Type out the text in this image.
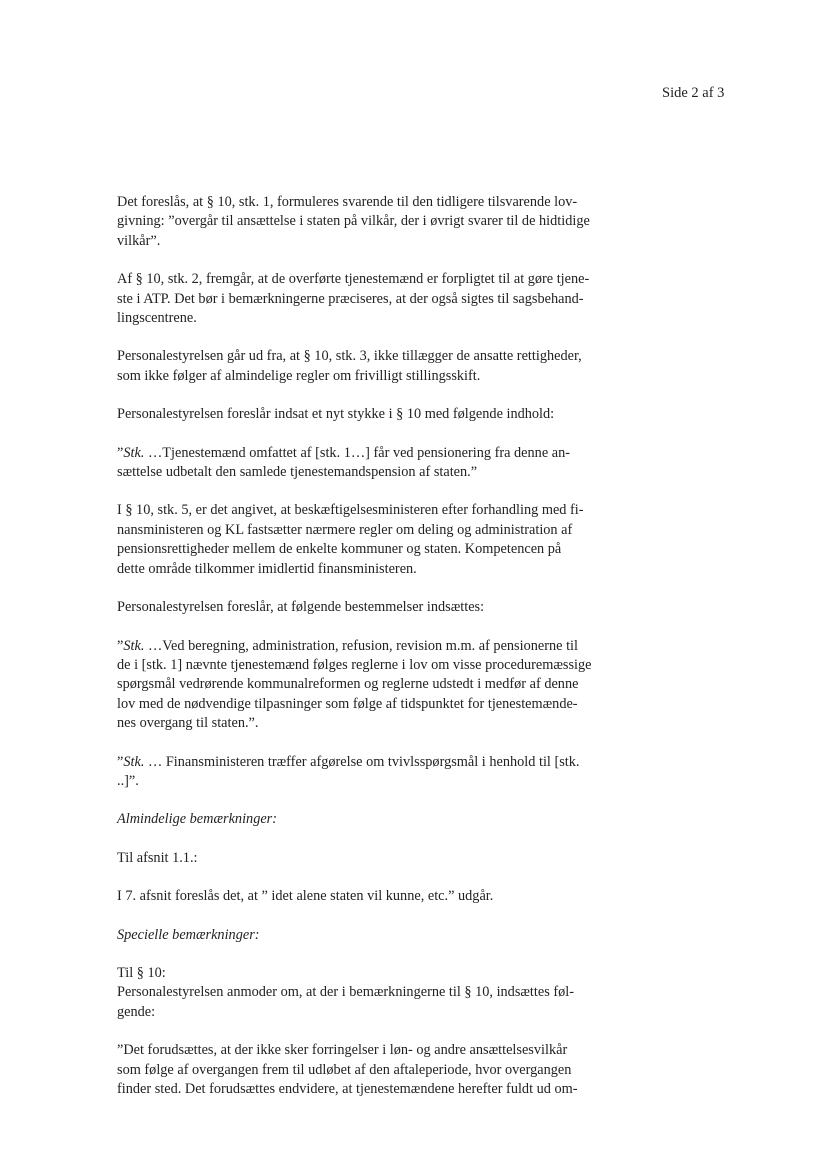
Side 2 af 3

Det foreslås, at § 10, stk. 1, formuleres svarende til den tidligere tilsvarende lov-
givning: ”overgår til ansættelse i staten på vilkår, der i øvrigt svarer til de hidtidige
vilkår”.

Af § 10, stk. 2, fremgår, at de overførte tjenestemænd er forpligtet til at gøre tjene-
ste i ATP. Det bør i bemærkningerne præciseres, at der også sigtes til sagsbehand-
lingscentrene.

Personalestyrelsen går ud fra, at § 10, stk. 3, ikke tillægger de ansatte rettigheder,
som ikke følger af almindelige regler om frivilligt stillingsskift.

Personalestyrelsen foreslår indsat et nyt stykke i § 10 med følgende indhold:

”Stk. …Tjenestemænd omfattet af [stk. 1…] får ved pensionering fra denne an-
sættelse udbetalt den samlede tjenestemandspension af staten.”

I § 10, stk. 5, er det angivet, at beskæftigelsesministeren efter forhandling med fi-
nansministeren og KL fastsætter nærmere regler om deling og administration af
pensionsrettigheder mellem de enkelte kommuner og staten. Kompetencen på
dette område tilkommer imidlertid finansministeren.

Personalestyrelsen foreslår, at følgende bestemmelser indsættes:

”Stk. …Ved beregning, administration, refusion, revision m.m. af pensionerne til
de i [stk. 1] nævnte tjenestemænd følges reglerne i lov om visse proceduremæssige
spørgsmål vedrørende kommunalreformen og reglerne udstedt i medfør af denne
lov med de nødvendige tilpasninger som følge af tidspunktet for tjenestemænde-
nes overgang til staten.”.

”Stk. … Finansministeren træffer afgørelse om tvivlsspørgsmål i henhold til [stk.
..]”.

Almindelige bemærkninger:

Til afsnit 1.1.:

I 7. afsnit foreslås det, at ” idet alene staten vil kunne, etc.” udgår.

Specielle bemærkninger:

Til § 10:
Personalestyrelsen anmoder om, at der i bemærkningerne til § 10, indsættes føl-
gende:

”Det forudsættes, at der ikke sker forringelser i løn- og andre ansættelsesvilkår
som følge af overgangen frem til udløbet af den aftaleperiode, hvor overgangen
finder sted. Det forudsættes endvidere, at tjenestemændene herefter fuldt ud om-
